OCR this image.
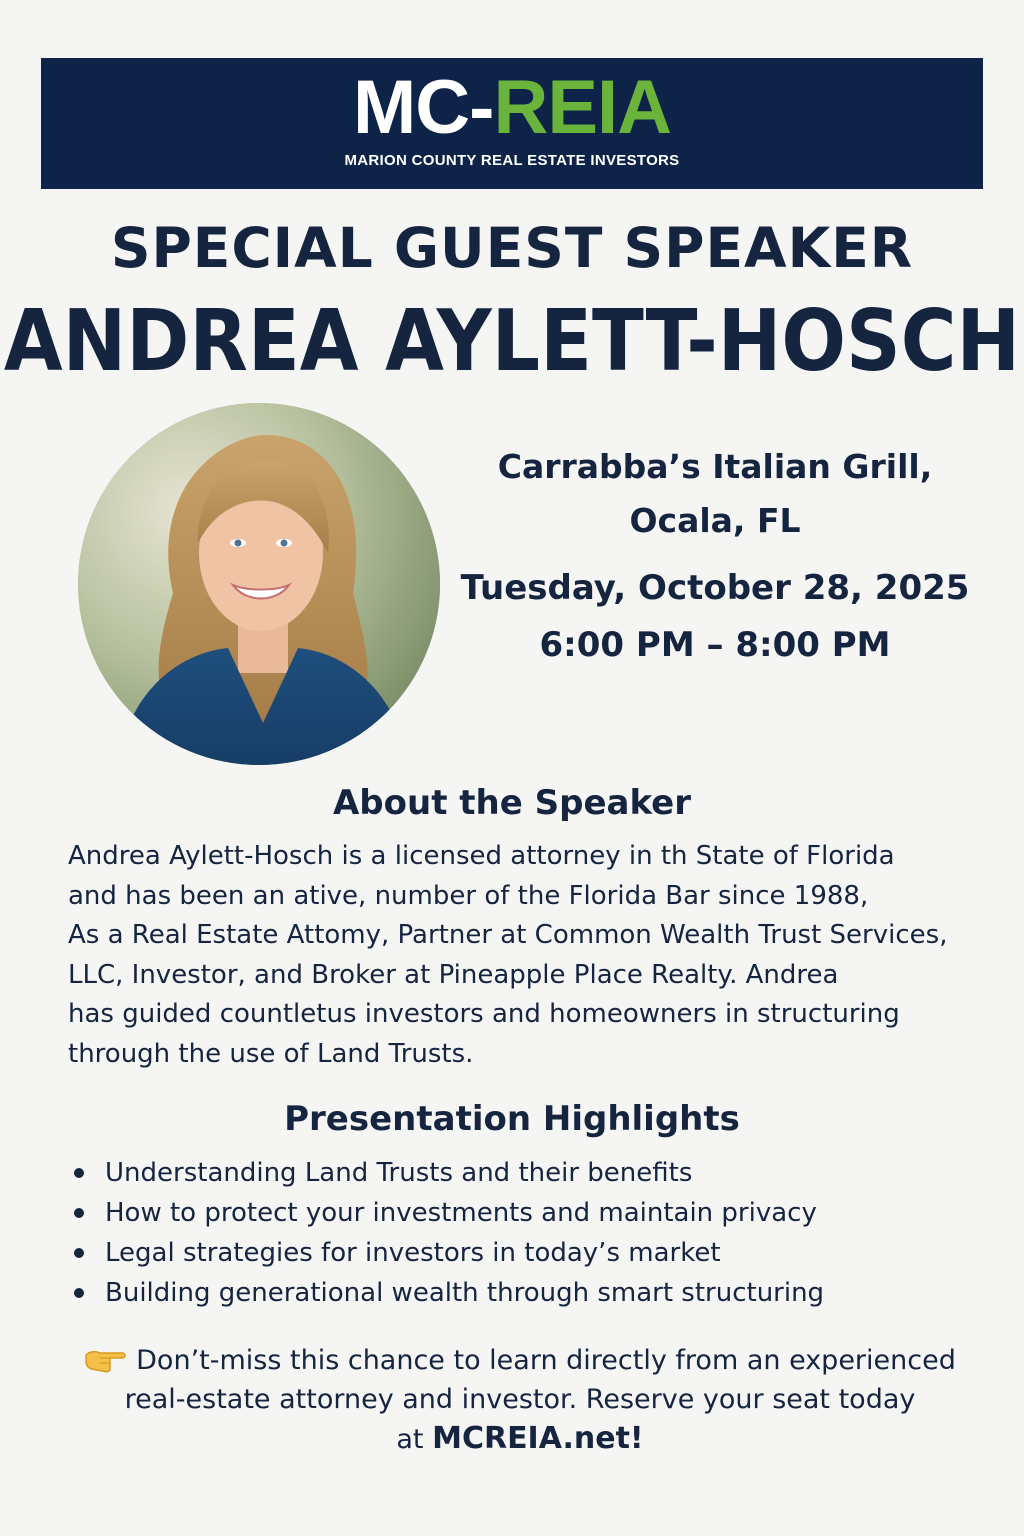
MC-REIA
MARION COUNTY REAL ESTATE INVESTORS
SPECIAL GUEST SPEAKER
ANDREA AYLETT-HOSCH
Carrabba’s Italian Grill,
Ocala, FL
Tuesday, October 28, 2025
6:00 PM – 8:00 PM
About the Speaker
Andrea Aylett-Hosch is a licensed attorney in th State of Florida
and has been an ative, number of the Florida Bar since 1988,
As a Real Estate Attomy, Partner at Common Wealth Trust Services,
LLC, Investor, and Broker at Pineapple Place Realty. Andrea
has guided countletus investors and homeowners in structuring
through the use of Land Trusts.
Presentation Highlights
Understanding Land Trusts and their benefits
How to protect your investments and maintain privacy
Legal strategies for investors in today’s market
Building generational wealth through smart structuring
Don’t-miss this chance to learn directly from an experienced
real-estate attorney and investor. Reserve your seat today
at MCREIA.net!
